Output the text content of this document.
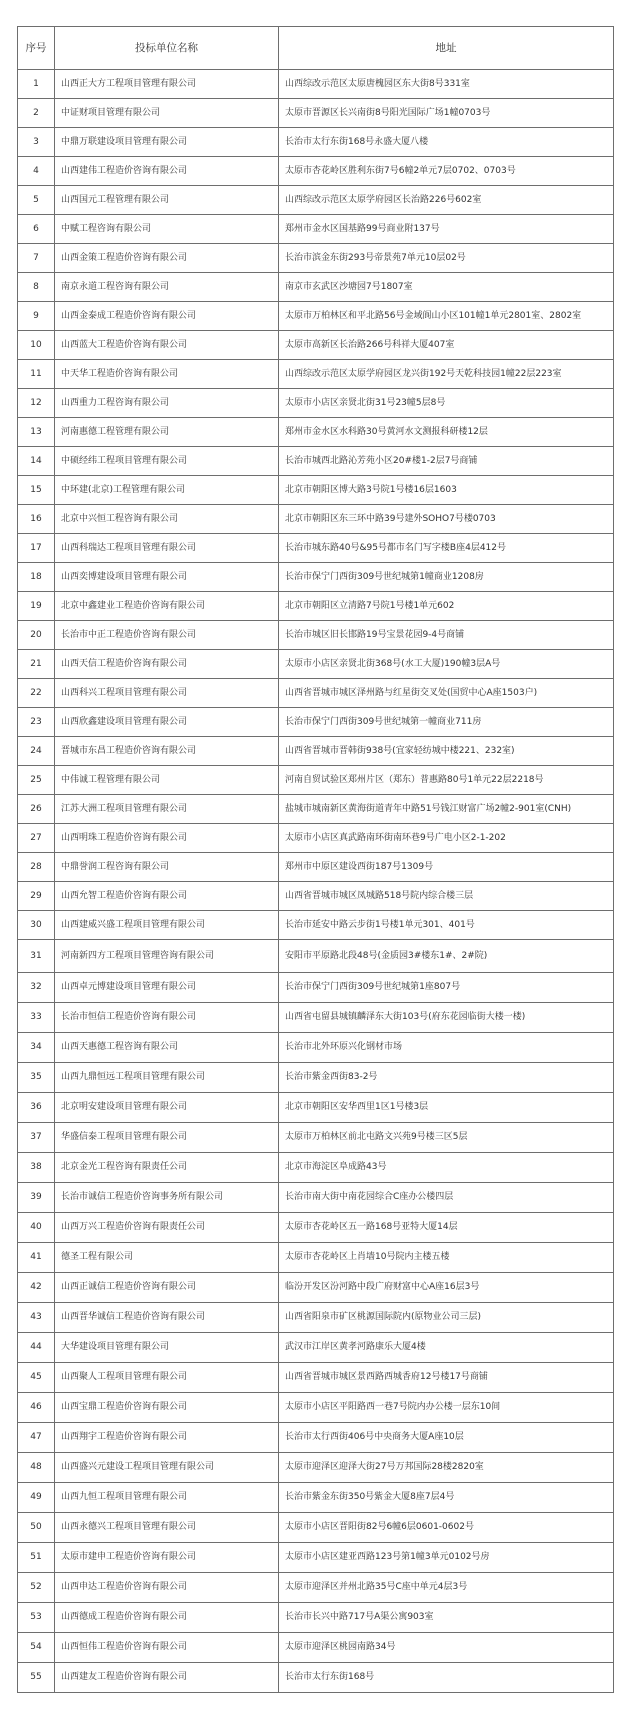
序号	投标单位名称	地址
1	山西正大方工程项目管理有限公司	山西综改示范区太原唐槐园区东大街8号331室
2	中证财项目管理有限公司	太原市晋源区长兴南街8号阳光国际广场1幢0703号
3	中鼎万联建设项目管理有限公司	长治市太行东街168号永盛大厦八楼
4	山西建伟工程造价咨询有限公司	太原市杏花岭区胜利东街7号6幢2单元7层0702、0703号
5	山西国元工程管理有限公司	山西综改示范区太原学府园区长治路226号602室
6	中赋工程咨询有限公司	郑州市金水区国基路99号商业附137号
7	山西金策工程造价咨询有限公司	长治市滨金东街293号帝景苑7单元10层02号
8	南京永道工程咨询有限公司	南京市玄武区沙塘园7号1807室
9	山西金泰成工程造价咨询有限公司	太原市万柏林区和平北路56号金域阆山小区101幢1单元2801室、2802室
10	山西蓝大工程造价咨询有限公司	太原市高新区长治路266号科祥大厦407室
11	中天华工程造价咨询有限公司	山西综改示范区太原学府园区龙兴街192号天乾科技园1幢22层223室
12	山西重力工程咨询有限公司	太原市小店区亲贤北街31号23幢5层8号
13	河南惠德工程管理有限公司	郑州市金水区水科路30号黄河水文测报科研楼12层
14	中硕经纬工程项目管理有限公司	长治市城西北路沁芳苑小区20#楼1-2层7号商铺
15	中环建(北京)工程管理有限公司	北京市朝阳区博大路3号院1号楼16层1603
16	北京中兴恒工程咨询有限公司	北京市朝阳区东三环中路39号建外SOHO7号楼0703
17	山西科瑞达工程项目管理有限公司	长治市城东路40号&95号都市名门写字楼B座4层412号
18	山西奕博建设项目管理有限公司	长治市保宁门西街309号世纪城第1幢商业1208房
19	北京中鑫建业工程造价咨询有限公司	北京市朝阳区立清路7号院1号楼1单元602
20	长治市中正工程造价咨询有限公司	长治市城区旧长邯路19号宝景花园9-4号商铺
21	山西天信工程造价咨询有限公司	太原市小店区亲贤北街368号(水工大厦)190幢3层A号
22	山西科兴工程项目管理有限公司	山西省晋城市城区泽州路与红星街交叉处(国贸中心A座1503户)
23	山西欣鑫建设项目管理有限公司	长治市保宁门西街309号世纪城第一幢商业711房
24	晋城市东昌工程造价咨询有限公司	山西省晋城市晋韩街938号(宜家轻纺城中楼221、232室)
25	中伟诚工程管理有限公司	河南自贸试验区郑州片区（郑东）普惠路80号1单元22层2218号
26	江苏大洲工程项目管理有限公司	盐城市城南新区黄海街道青年中路51号钱江财富广场2幢2-901室(CNH)
27	山西明珠工程造价咨询有限公司	太原市小店区真武路南环街南环巷9号广电小区2-1-202
28	中鼎誉润工程咨询有限公司	郑州市中原区建设西街187号1309号
29	山西允智工程造价咨询有限公司	山西省晋城市城区凤城路518号院内综合楼三层
30	山西建威兴盛工程项目管理有限公司	长治市延安中路云步街1号楼1单元301、401号
31	河南新四方工程项目管理咨询有限公司	安阳市平原路北段48号(金质园3#楼东1#、2#院)
32	山西卓元博建设项目管理有限公司	长治市保宁门西街309号世纪城第1座807号
33	长治市恒信工程造价咨询有限公司	山西省屯留县城镇麟泽东大街103号(府东花园临街大楼一楼)
34	山西天惠德工程咨询有限公司	长治市北外环原兴化钢材市场
35	山西九鼎恒远工程项目管理有限公司	长治市紫金西街83-2号
36	北京明安建设项目管理有限公司	北京市朝阳区安华西里1区1号楼3层
37	华盛信泰工程项目管理有限公司	太原市万柏林区前北屯路文兴苑9号楼三区5层
38	北京金光工程咨询有限责任公司	北京市海淀区阜成路43号
39	长治市诚信工程造价咨询事务所有限公司	长治市南大街中南花园综合C座办公楼四层
40	山西万兴工程造价咨询有限责任公司	太原市杏花岭区五一路168号亚特大厦14层
41	德圣工程有限公司	太原市杏花岭区上肖墙10号院内主楼五楼
42	山西正诚信工程造价咨询有限公司	临汾开发区汾河路中段广府财富中心A座16层3号
43	山西晋华诚信工程造价咨询有限公司	山西省阳泉市矿区桃源国际院内(原物业公司三层)
44	大华建设项目管理有限公司	武汉市江岸区黄孝河路康乐大厦4楼
45	山西聚人工程项目管理有限公司	山西省晋城市城区景西路西城香府12号楼17号商铺
46	山西宝鼎工程造价咨询有限公司	太原市小店区平阳路西一巷7号院内办公楼一层东10间
47	山西翔宇工程造价咨询有限公司	长治市太行西街406号中央商务大厦A座10层
48	山西盛兴元建设工程项目管理有限公司	太原市迎泽区迎泽大街27号万邦国际28楼2820室
49	山西九恒工程项目管理有限公司	长治市紫金东街350号紫金大厦8座7层4号
50	山西永德兴工程项目管理有限公司	太原市小店区晋阳街82号6幢6层0601-0602号
51	太原市建申工程造价咨询有限公司	太原市小店区建亚西路123号第1幢3单元0102号房
52	山西申达工程造价咨询有限公司	太原市迎泽区并州北路35号C座中单元4层3号
53	山西德成工程造价咨询有限公司	长治市长兴中路717号A渠公寓903室
54	山西恒伟工程造价咨询有限公司	太原市迎泽区桃园南路34号
55	山西建友工程造价咨询有限公司	长治市太行东街168号
